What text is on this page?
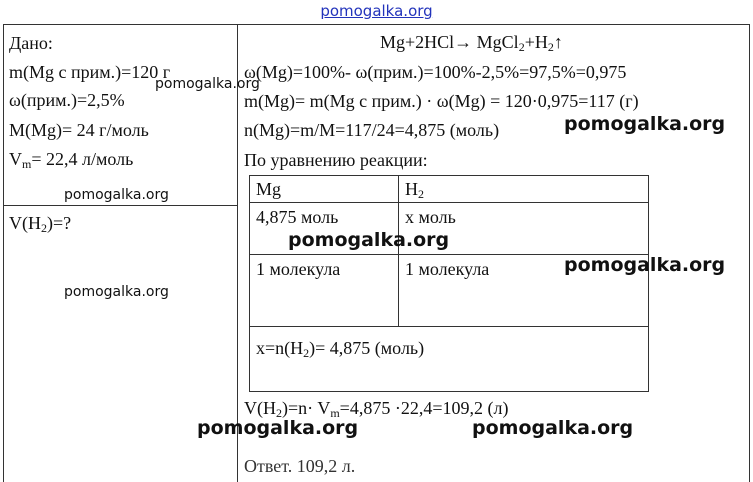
pomogalka.org
Дано:
m(Mg с прим.)=120 г
ω(прим.)=2,5%
M(Mg)= 24 г/моль
$V_m= 22,4$ л/моль
$V(H_2)=$?
$Mg+2HCl\to MgCl_2+H_2↑$
ω(Mg)=100%- ω(прим.)=100%-2,5%=97,5%=0,975
m(Mg)= m(Mg с прим.) · ω(Mg) = 120·0,975=117 (г)
n(Mg)=m/M=117/24=4,875 (моль)
По уравнению реакции:
Mg	$H_2$
4,875 моль	x моль
1 молекула	1 молекула
$x=n(H_2)= 4,875$ (моль)
$V(H_2)=n\cdot V_m=4,875 \cdot 22,4=109,2$ (л)
Ответ. 109,2 л.
pomogalka.org
pomogalka.org
pomogalka.org
pomogalka.org
pomogalka.org
pomogalka.org
pomogalka.org	pomogalka.org
